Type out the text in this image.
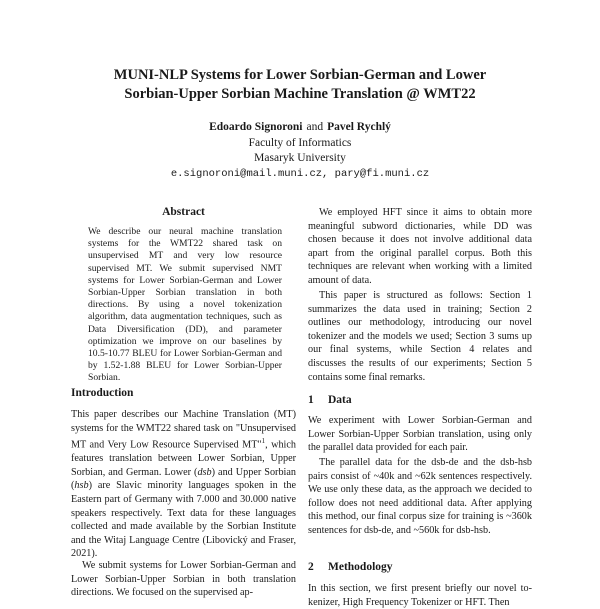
MUNI-NLP Systems for Lower Sorbian-German and Lower
Sorbian-Upper Sorbian Machine Translation @ WMT22
Edoardo Signoroni and Pavel Rychlý
Faculty of Informatics
Masaryk University
e.signoroni@mail.muni.cz, pary@fi.muni.cz
Abstract
We describe our neural machine translation systems for the WMT22 shared task on unsupervised MT and very low resource supervised MT. We submit supervised NMT systems for Lower Sorbian-German and Lower Sorbian-Upper Sorbian translation in both directions. By using a novel tokenization algorithm, data augmentation techniques, such as Data Diversification (DD), and parameter optimization we improve on our baselines by 10.5-10.77 BLEU for Lower Sorbian-German and by 1.52-1.88 BLEU for Lower Sorbian-Upper Sorbian.
Introduction
This paper describes our Machine Translation (MT) systems for the WMT22 shared task on "Unsupervised MT and Very Low Resource Supervised MT"$^1$, which features translation between Lower Sorbian, Upper Sorbian, and German. Lower (dsb) and Upper Sorbian (hsb) are Slavic minority languages spoken in the Eastern part of Germany with 7.000 and 30.000 native speakers respectively. Text data for these languages collected and made available by the Sorbian Institute and the Witaj Language Centre (Libovický and Fraser, 2021).
We submit systems for Lower Sorbian-German and Lower Sorbian-Upper Sorbian in both translation directions. We focused on the supervised ap-
We employed HFT since it aims to obtain more meaningful subword dictionaries, while DD was chosen because it does not involve additional data apart from the original parallel corpus. Both this techniques are relevant when working with a limited amount of data.
This paper is structured as follows: Section 1 summarizes the data used in training; Section 2 outlines our methodology, introducing our novel tokenizer and the models we used; Section 3 sums up our final systems, while Section 4 relates and discusses the results of our experiments; Section 5 contains some final remarks.
1 Data
We experiment with Lower Sorbian-German and Lower Sorbian-Upper Sorbian translation, using only the parallel data provided for each pair.
The parallel data for the dsb-de and the dsb-hsb pairs consist of ~40k and ~62k sentences respectively. We use only these data, as the approach we decided to follow does not need additional data. After applying this method, our final corpus size for training is ~360k sentences for dsb-de, and ~560k for dsb-hsb.
2 Methodology
In this section, we first present briefly our novel to- kenizer, High Frequency Tokenizer or HFT. Then
